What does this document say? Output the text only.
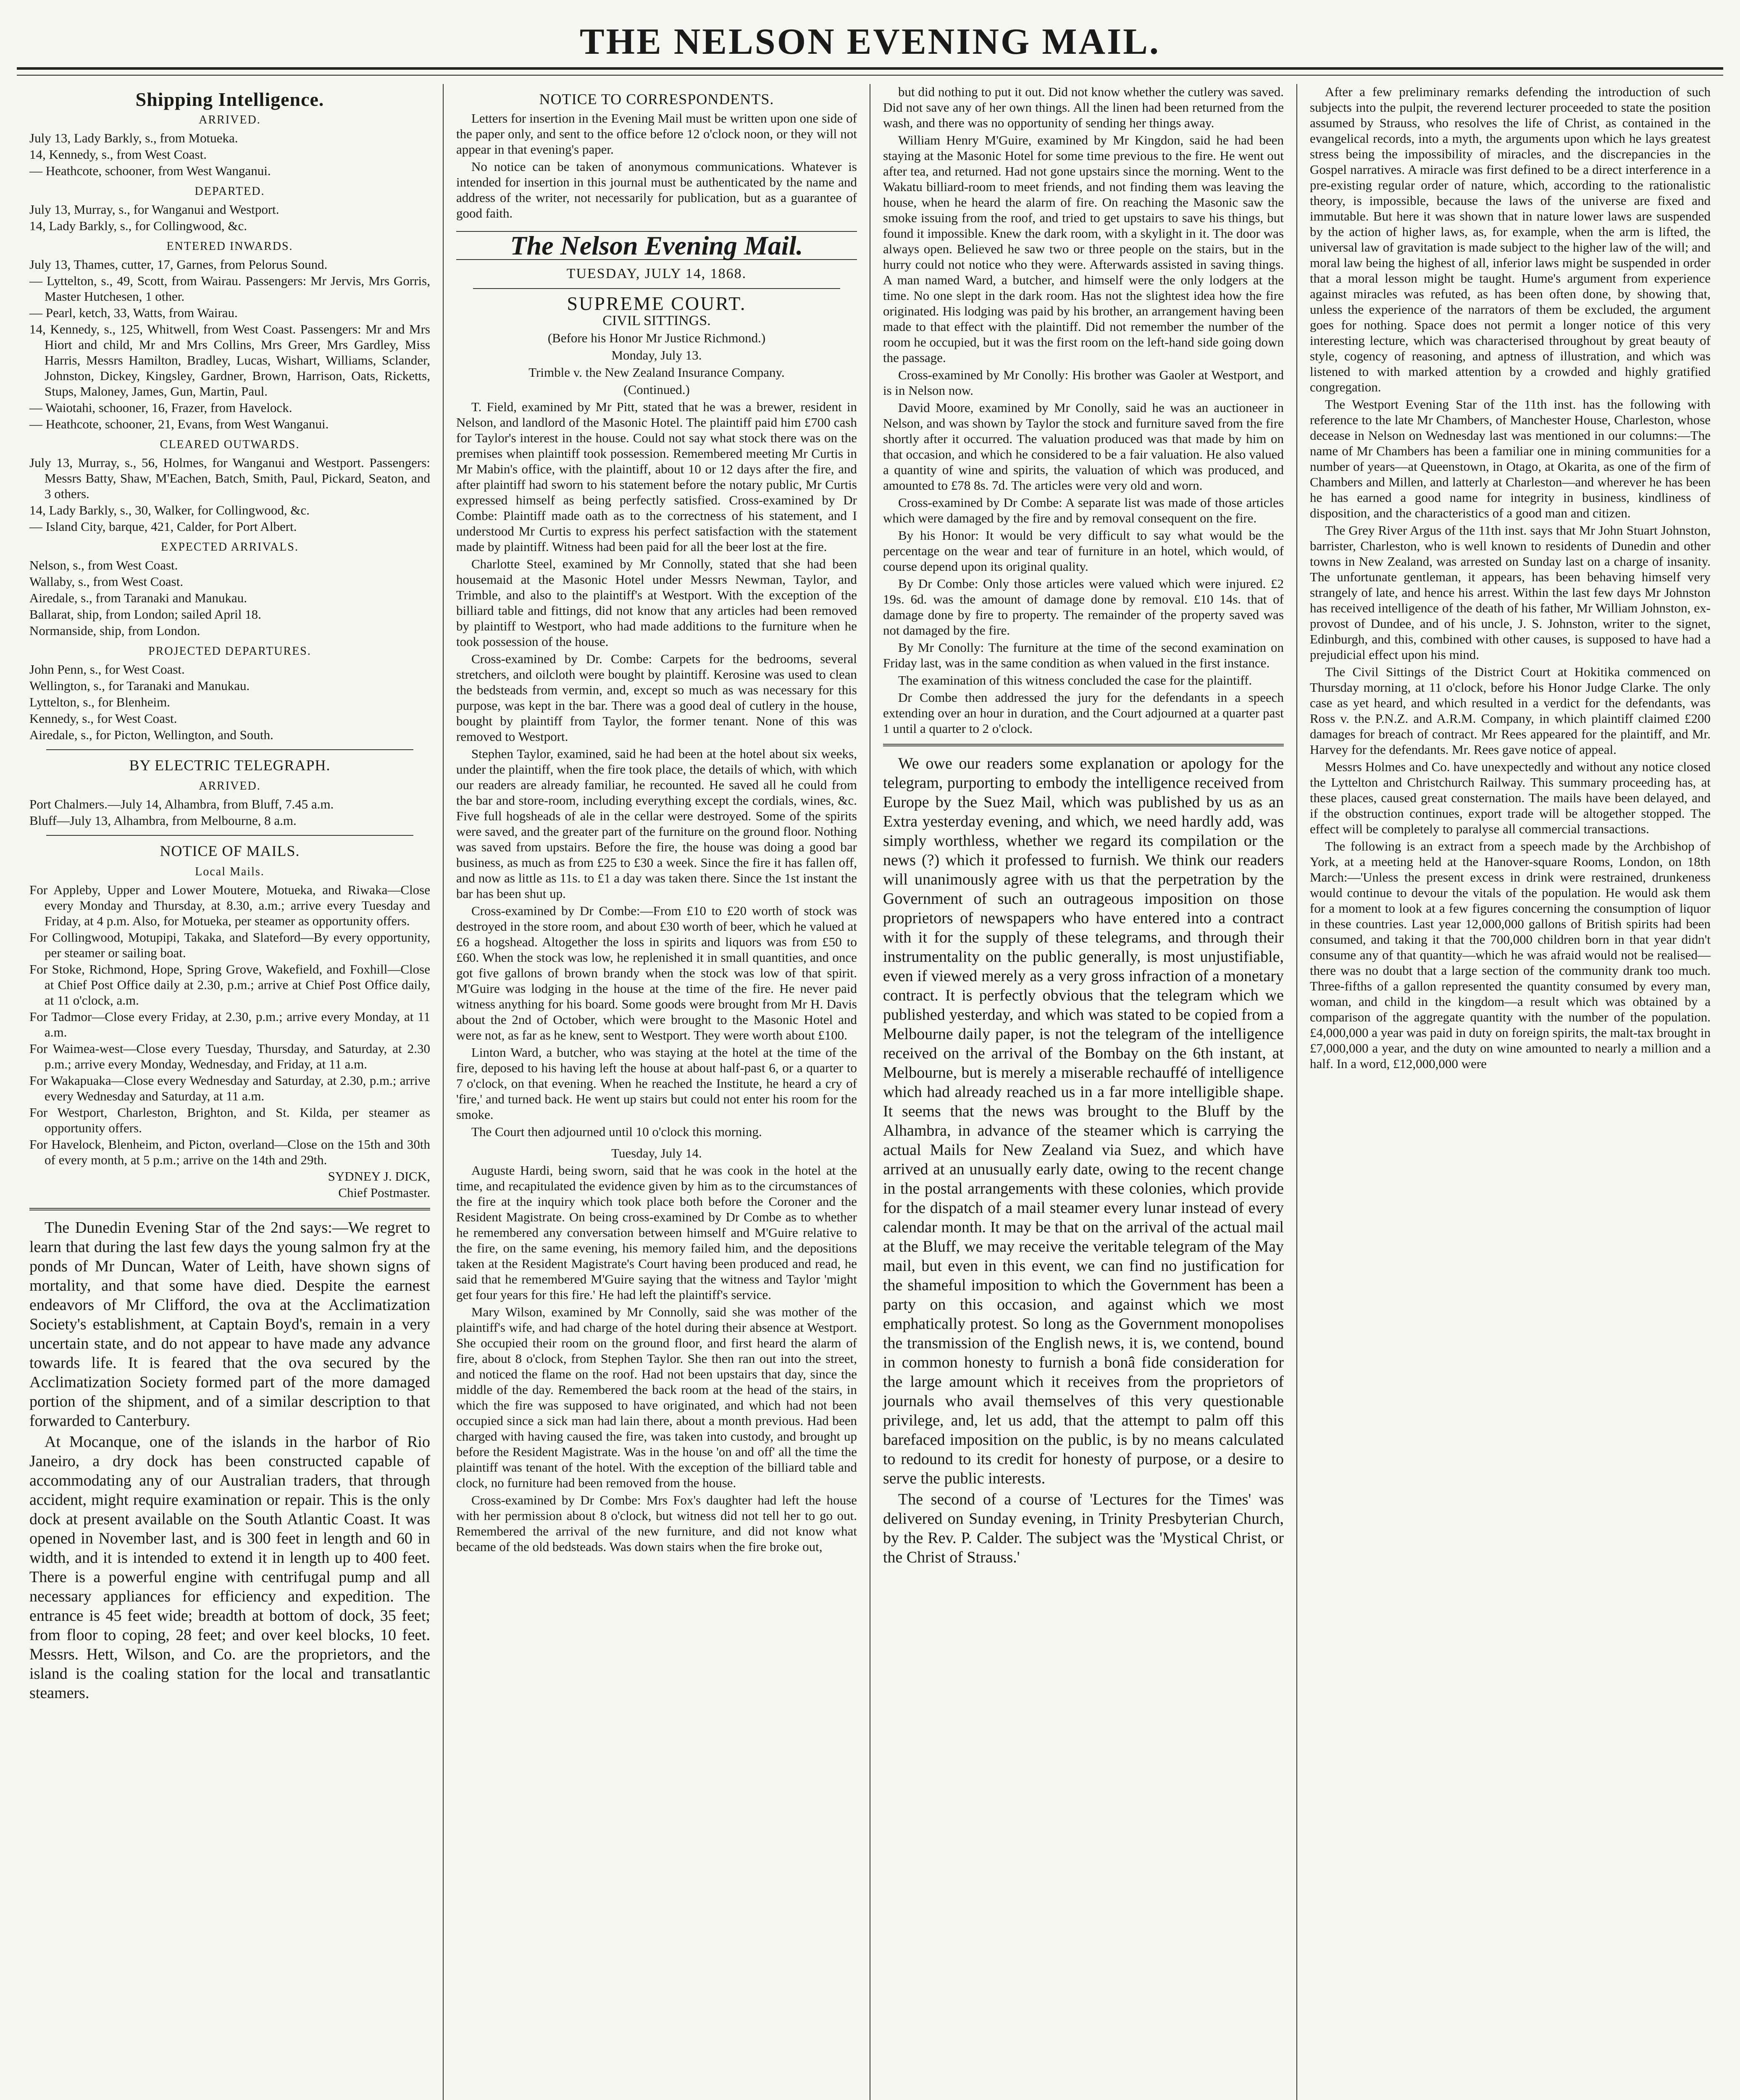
THE NELSON EVENING MAIL.
Shipping Intelligence.
ARRIVED.
July 13, Lady Barkly, s., from Motueka.
14, Kennedy, s., from West Coast.
— Heathcote, schooner, from West Wanganui.
DEPARTED.
July 13, Murray, s., for Wanganui and Westport.
14, Lady Barkly, s., for Collingwood, &c.
ENTERED INWARDS.
July 13, Thames, cutter, 17, Garnes, from Pelorus Sound.
— Lyttelton, s., 49, Scott, from Wairau. Passengers: Mr Jervis, Mrs Gorris, Master Hutchesen, 1 other.
— Pearl, ketch, 33, Watts, from Wairau.
14, Kennedy, s., 125, Whitwell, from West Coast. Passengers: Mr and Mrs Hiort and child, Mr and Mrs Collins, Mrs Greer, Mrs Gardley, Miss Harris, Messrs Hamilton, Bradley, Lucas, Wishart, Williams, Sclander, Johnston, Dickey, Kingsley, Gardner, Brown, Harrison, Oats, Ricketts, Stups, Maloney, James, Gun, Martin, Paul.
— Waiotahi, schooner, 16, Frazer, from Havelock.
— Heathcote, schooner, 21, Evans, from West Wanganui.
CLEARED OUTWARDS.
July 13, Murray, s., 56, Holmes, for Wanganui and Westport. Passengers: Messrs Batty, Shaw, M'Eachen, Batch, Smith, Paul, Pickard, Seaton, and 3 others.
14, Lady Barkly, s., 30, Walker, for Collingwood, &c.
— Island City, barque, 421, Calder, for Port Albert.
EXPECTED ARRIVALS.
Nelson, s., from West Coast.
Wallaby, s., from West Coast.
Airedale, s., from Taranaki and Manukau.
Ballarat, ship, from London; sailed April 18.
Normanside, ship, from London.
PROJECTED DEPARTURES.
John Penn, s., for West Coast.
Wellington, s., for Taranaki and Manukau.
Lyttelton, s., for Blenheim.
Kennedy, s., for West Coast.
Airedale, s., for Picton, Wellington, and South.
BY ELECTRIC TELEGRAPH.
ARRIVED.
Port Chalmers.—July 14, Alhambra, from Bluff, 7.45 a.m.
Bluff—July 13, Alhambra, from Melbourne, 8 a.m.
NOTICE OF MAILS.
Local Mails.
For Appleby, Upper and Lower Moutere, Motueka, and Riwaka—Close every Monday and Thursday, at 8.30, a.m.; arrive every Tuesday and Friday, at 4 p.m. Also, for Motueka, per steamer as opportunity offers.
For Collingwood, Motupipi, Takaka, and Slateford—By every opportunity, per steamer or sailing boat.
For Stoke, Richmond, Hope, Spring Grove, Wakefield, and Foxhill—Close at Chief Post Office daily at 2.30, p.m.; arrive at Chief Post Office daily, at 11 o'clock, a.m.
For Tadmor—Close every Friday, at 2.30, p.m.; arrive every Monday, at 11 a.m.
For Waimea-west—Close every Tuesday, Thursday, and Saturday, at 2.30 p.m.; arrive every Monday, Wednesday, and Friday, at 11 a.m.
For Wakapuaka—Close every Wednesday and Saturday, at 2.30, p.m.; arrive every Wednesday and Saturday, at 11 a.m.
For Westport, Charleston, Brighton, and St. Kilda, per steamer as opportunity offers.
For Havelock, Blenheim, and Picton, overland—Close on the 15th and 30th of every month, at 5 p.m.; arrive on the 14th and 29th.
SYDNEY J. DICK,
Chief Postmaster.

The Dunedin Evening Star of the 2nd says:—We regret to learn that during the last few days the young salmon fry at the ponds of Mr Duncan, Water of Leith, have shown signs of mortality, and that some have died. Despite the earnest endeavors of Mr Clifford, the ova at the Acclimatization Society's establishment, at Captain Boyd's, remain in a very uncertain state, and do not appear to have made any advance towards life. It is feared that the ova secured by the Acclimatization Society formed part of the more damaged portion of the shipment, and of a similar description to that forwarded to Canterbury.

At Mocanque, one of the islands in the harbor of Rio Janeiro, a dry dock has been constructed capable of accommodating any of our Australian traders, that through accident, might require examination or repair. This is the only dock at present available on the South Atlantic Coast. It was opened in November last, and is 300 feet in length and 60 in width, and it is intended to extend it in length up to 400 feet. There is a powerful engine with centrifugal pump and all necessary appliances for efficiency and expedition. The entrance is 45 feet wide; breadth at bottom of dock, 35 feet; from floor to coping, 28 feet; and over keel blocks, 10 feet. Messrs. Hett, Wilson, and Co. are the proprietors, and the island is the coaling station for the local and transatlantic steamers.

NOTICE TO CORRESPONDENTS.

Letters for insertion in the Evening Mail must be written upon one side of the paper only, and sent to the office before 12 o'clock noon, or they will not appear in that evening's paper.

No notice can be taken of anonymous communications. Whatever is intended for insertion in this journal must be authenticated by the name and address of the writer, not necessarily for publication, but as a guarantee of good faith.

The Nelson Evening Mail.
TUESDAY, JULY 14, 1868.
SUPREME COURT.
CIVIL SITTINGS.
(Before his Honor Mr Justice Richmond.)
Monday, July 13.
Trimble v. the New Zealand Insurance Company.
(Continued.)

T. Field, examined by Mr Pitt, stated that he was a brewer, resident in Nelson, and landlord of the Masonic Hotel. The plaintiff paid him £700 cash for Taylor's interest in the house. Could not say what stock there was on the premises when plaintiff took possession. Remembered meeting Mr Curtis in Mr Mabin's office, with the plaintiff, about 10 or 12 days after the fire, and after plaintiff had sworn to his statement before the notary public, Mr Curtis expressed himself as being perfectly satisfied. Cross-examined by Dr Combe: Plaintiff made oath as to the correctness of his statement, and I understood Mr Curtis to express his perfect satisfaction with the statement made by plaintiff. Witness had been paid for all the beer lost at the fire.

Charlotte Steel, examined by Mr Connolly, stated that she had been housemaid at the Masonic Hotel under Messrs Newman, Taylor, and Trimble, and also to the plaintiff's at Westport. With the exception of the billiard table and fittings, did not know that any articles had been removed by plaintiff to Westport, who had made additions to the furniture when he took possession of the house.

Cross-examined by Dr. Combe: Carpets for the bedrooms, several stretchers, and oilcloth were bought by plaintiff. Kerosine was used to clean the bedsteads from vermin, and, except so much as was necessary for this purpose, was kept in the bar. There was a good deal of cutlery in the house, bought by plaintiff from Taylor, the former tenant. None of this was removed to Westport.

Stephen Taylor, examined, said he had been at the hotel about six weeks, under the plaintiff, when the fire took place, the details of which, with which our readers are already familiar, he recounted. He saved all he could from the bar and store-room, including everything except the cordials, wines, &c. Five full hogsheads of ale in the cellar were destroyed. Some of the spirits were saved, and the greater part of the furniture on the ground floor. Nothing was saved from upstairs. Before the fire, the house was doing a good bar business, as much as from £25 to £30 a week. Since the fire it has fallen off, and now as little as 11s. to £1 a day was taken there. Since the 1st instant the bar has been shut up.

Cross-examined by Dr Combe:—From £10 to £20 worth of stock was destroyed in the store room, and about £30 worth of beer, which he valued at £6 a hogshead. Altogether the loss in spirits and liquors was from £50 to £60. When the stock was low, he replenished it in small quantities, and once got five gallons of brown brandy when the stock was low of that spirit. M'Guire was lodging in the house at the time of the fire. He never paid witness anything for his board. Some goods were brought from Mr H. Davis about the 2nd of October, which were brought to the Masonic Hotel and were not, as far as he knew, sent to Westport. They were worth about £100.

Linton Ward, a butcher, who was staying at the hotel at the time of the fire, deposed to his having left the house at about half-past 6, or a quarter to 7 o'clock, on that evening. When he reached the Institute, he heard a cry of 'fire,' and turned back. He went up stairs but could not enter his room for the smoke.

The Court then adjourned until 10 o'clock this morning.

Tuesday, July 14.

Auguste Hardi, being sworn, said that he was cook in the hotel at the time, and recapitulated the evidence given by him as to the circumstances of the fire at the inquiry which took place both before the Coroner and the Resident Magistrate. On being cross-examined by Dr Combe as to whether he remembered any conversation between himself and M'Guire relative to the fire, on the same evening, his memory failed him, and the depositions taken at the Resident Magistrate's Court having been produced and read, he said that he remembered M'Guire saying that the witness and Taylor 'might get four years for this fire.' He had left the plaintiff's service.

Mary Wilson, examined by Mr Connolly, said she was mother of the plaintiff's wife, and had charge of the hotel during their absence at Westport. She occupied their room on the ground floor, and first heard the alarm of fire, about 8 o'clock, from Stephen Taylor. She then ran out into the street, and noticed the flame on the roof. Had not been upstairs that day, since the middle of the day. Remembered the back room at the head of the stairs, in which the fire was supposed to have originated, and which had not been occupied since a sick man had lain there, about a month previous. Had been charged with having caused the fire, was taken into custody, and brought up before the Resident Magistrate. Was in the house 'on and off' all the time the plaintiff was tenant of the hotel. With the exception of the billiard table and clock, no furniture had been removed from the house.

Cross-examined by Dr Combe: Mrs Fox's daughter had left the house with her permission about 8 o'clock, but witness did not tell her to go out. Remembered the arrival of the new furniture, and did not know what became of the old bedsteads. Was down stairs when the fire broke out,

but did nothing to put it out. Did not know whether the cutlery was saved. Did not save any of her own things. All the linen had been returned from the wash, and there was no opportunity of sending her things away.

William Henry M'Guire, examined by Mr Kingdon, said he had been staying at the Masonic Hotel for some time previous to the fire. He went out after tea, and returned. Had not gone upstairs since the morning. Went to the Wakatu billiard-room to meet friends, and not finding them was leaving the house, when he heard the alarm of fire. On reaching the Masonic saw the smoke issuing from the roof, and tried to get upstairs to save his things, but found it impossible. Knew the dark room, with a skylight in it. The door was always open. Believed he saw two or three people on the stairs, but in the hurry could not notice who they were. Afterwards assisted in saving things. A man named Ward, a butcher, and himself were the only lodgers at the time. No one slept in the dark room. Has not the slightest idea how the fire originated. His lodging was paid by his brother, an arrangement having been made to that effect with the plaintiff. Did not remember the number of the room he occupied, but it was the first room on the left-hand side going down the passage.

Cross-examined by Mr Conolly: His brother was Gaoler at Westport, and is in Nelson now.

David Moore, examined by Mr Conolly, said he was an auctioneer in Nelson, and was shown by Taylor the stock and furniture saved from the fire shortly after it occurred. The valuation produced was that made by him on that occasion, and which he considered to be a fair valuation. He also valued a quantity of wine and spirits, the valuation of which was produced, and amounted to £78 8s. 7d. The articles were very old and worn.

Cross-examined by Dr Combe: A separate list was made of those articles which were damaged by the fire and by removal consequent on the fire.

By his Honor: It would be very difficult to say what would be the percentage on the wear and tear of furniture in an hotel, which would, of course depend upon its original quality.

By Dr Combe: Only those articles were valued which were injured. £2 19s. 6d. was the amount of damage done by removal. £10 14s. that of damage done by fire to property. The remainder of the property saved was not damaged by the fire.

By Mr Conolly: The furniture at the time of the second examination on Friday last, was in the same condition as when valued in the first instance.

The examination of this witness concluded the case for the plaintiff.

Dr Combe then addressed the jury for the defendants in a speech extending over an hour in duration, and the Court adjourned at a quarter past 1 until a quarter to 2 o'clock.

We owe our readers some explanation or apology for the telegram, purporting to embody the intelligence received from Europe by the Suez Mail, which was published by us as an Extra yesterday evening, and which, we need hardly add, was simply worthless, whether we regard its compilation or the news (?) which it professed to furnish. We think our readers will unanimously agree with us that the perpetration by the Government of such an outrageous imposition on those proprietors of newspapers who have entered into a contract with it for the supply of these telegrams, and through their instrumentality on the public generally, is most unjustifiable, even if viewed merely as a very gross infraction of a monetary contract. It is perfectly obvious that the telegram which we published yesterday, and which was stated to be copied from a Melbourne daily paper, is not the telegram of the intelligence received on the arrival of the Bombay on the 6th instant, at Melbourne, but is merely a miserable rechauffé of intelligence which had already reached us in a far more intelligible shape. It seems that the news was brought to the Bluff by the Alhambra, in advance of the steamer which is carrying the actual Mails for New Zealand via Suez, and which have arrived at an unusually early date, owing to the recent change in the postal arrangements with these colonies, which provide for the dispatch of a mail steamer every lunar instead of every calendar month. It may be that on the arrival of the actual mail at the Bluff, we may receive the veritable telegram of the May mail, but even in this event, we can find no justification for the shameful imposition to which the Government has been a party on this occasion, and against which we most emphatically protest. So long as the Government monopolises the transmission of the English news, it is, we contend, bound in common honesty to furnish a bonâ fide consideration for the large amount which it receives from the proprietors of journals who avail themselves of this very questionable privilege, and, let us add, that the attempt to palm off this barefaced imposition on the public, is by no means calculated to redound to its credit for honesty of purpose, or a desire to serve the public interests.

The second of a course of 'Lectures for the Times' was delivered on Sunday evening, in Trinity Presbyterian Church, by the Rev. P. Calder. The subject was the 'Mystical Christ, or the Christ of Strauss.'

After a few preliminary remarks defending the introduction of such subjects into the pulpit, the reverend lecturer proceeded to state the position assumed by Strauss, who resolves the life of Christ, as contained in the evangelical records, into a myth, the arguments upon which he lays greatest stress being the impossibility of miracles, and the discrepancies in the Gospel narratives. A miracle was first defined to be a direct interference in a pre-existing regular order of nature, which, according to the rationalistic theory, is impossible, because the laws of the universe are fixed and immutable. But here it was shown that in nature lower laws are suspended by the action of higher laws, as, for example, when the arm is lifted, the universal law of gravitation is made subject to the higher law of the will; and moral law being the highest of all, inferior laws might be suspended in order that a moral lesson might be taught. Hume's argument from experience against miracles was refuted, as has been often done, by showing that, unless the experience of the narrators of them be excluded, the argument goes for nothing. Space does not permit a longer notice of this very interesting lecture, which was characterised throughout by great beauty of style, cogency of reasoning, and aptness of illustration, and which was listened to with marked attention by a crowded and highly gratified congregation.

The Westport Evening Star of the 11th inst. has the following with reference to the late Mr Chambers, of Manchester House, Charleston, whose decease in Nelson on Wednesday last was mentioned in our columns:—The name of Mr Chambers has been a familiar one in mining communities for a number of years—at Queenstown, in Otago, at Okarita, as one of the firm of Chambers and Millen, and latterly at Charleston—and wherever he has been he has earned a good name for integrity in business, kindliness of disposition, and the characteristics of a good man and citizen.

The Grey River Argus of the 11th inst. says that Mr John Stuart Johnston, barrister, Charleston, who is well known to residents of Dunedin and other towns in New Zealand, was arrested on Sunday last on a charge of insanity. The unfortunate gentleman, it appears, has been behaving himself very strangely of late, and hence his arrest. Within the last few days Mr Johnston has received intelligence of the death of his father, Mr William Johnston, ex-provost of Dundee, and of his uncle, J. S. Johnston, writer to the signet, Edinburgh, and this, combined with other causes, is supposed to have had a prejudicial effect upon his mind.

The Civil Sittings of the District Court at Hokitika commenced on Thursday morning, at 11 o'clock, before his Honor Judge Clarke. The only case as yet heard, and which resulted in a verdict for the defendants, was Ross v. the P.N.Z. and A.R.M. Company, in which plaintiff claimed £200 damages for breach of contract. Mr Rees appeared for the plaintiff, and Mr. Harvey for the defendants. Mr. Rees gave notice of appeal.

Messrs Holmes and Co. have unexpectedly and without any notice closed the Lyttelton and Christchurch Railway. This summary proceeding has, at these places, caused great consternation. The mails have been delayed, and if the obstruction continues, export trade will be altogether stopped. The effect will be completely to paralyse all commercial transactions.

The following is an extract from a speech made by the Archbishop of York, at a meeting held at the Hanover-square Rooms, London, on 18th March:—'Unless the present excess in drink were restrained, drunkeness would continue to devour the vitals of the population. He would ask them for a moment to look at a few figures concerning the consumption of liquor in these countries. Last year 12,000,000 gallons of British spirits had been consumed, and taking it that the 700,000 children born in that year didn't consume any of that quantity—which he was afraid would not be realised—there was no doubt that a large section of the community drank too much. Three-fifths of a gallon represented the quantity consumed by every man, woman, and child in the kingdom—a result which was obtained by a comparison of the aggregate quantity with the number of the population. £4,000,000 a year was paid in duty on foreign spirits, the malt-tax brought in £7,000,000 a year, and the duty on wine amounted to nearly a million and a half. In a word, £12,000,000 were
